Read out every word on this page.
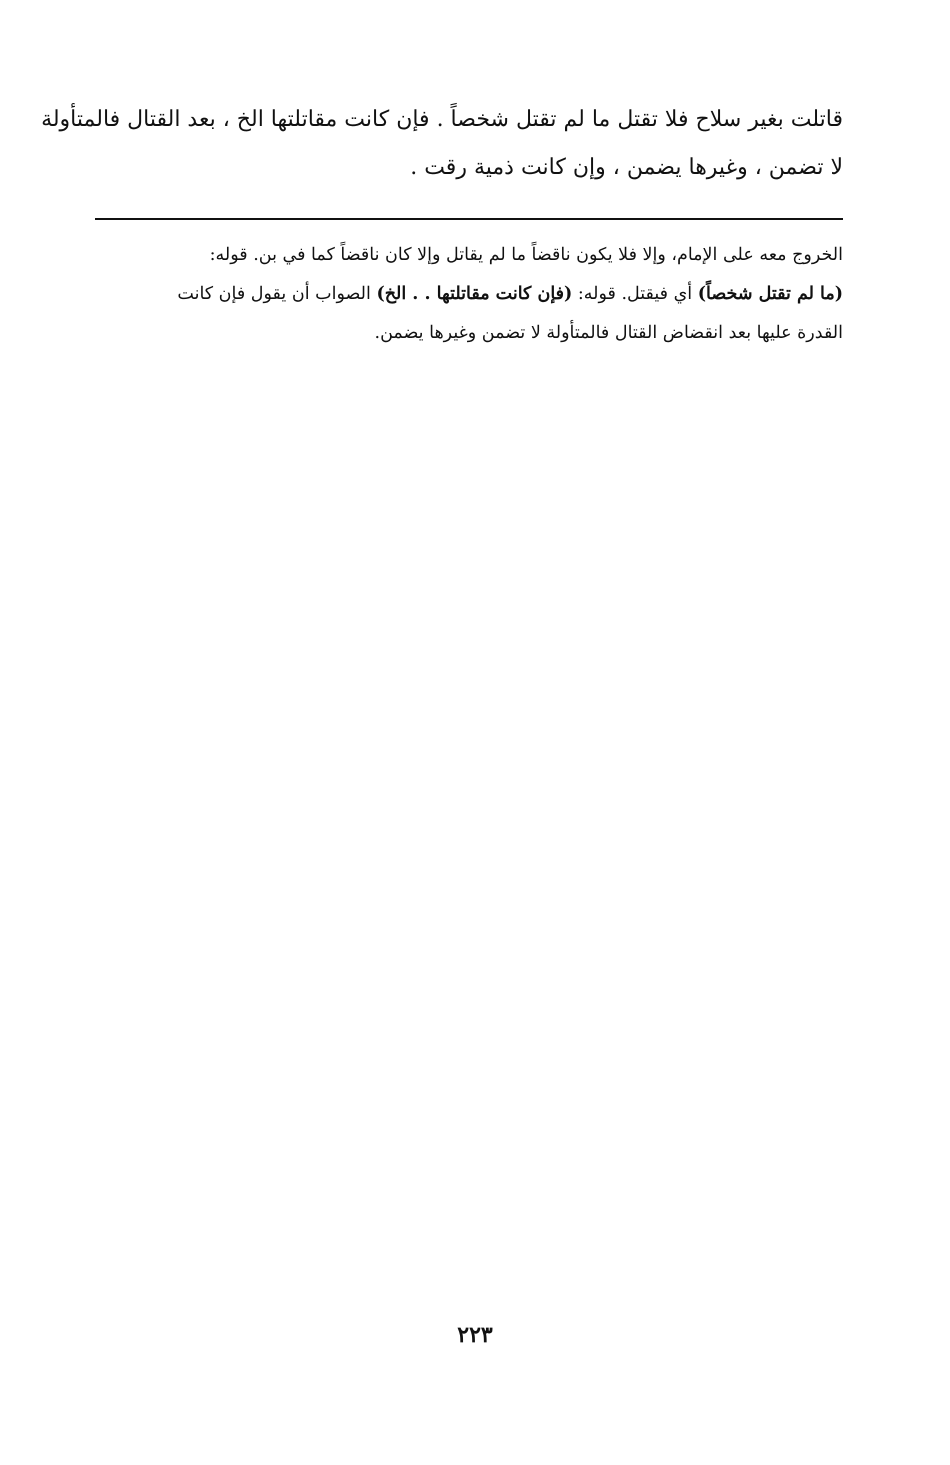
قاتلت بغير سلاح فلا تقتل ما لم تقتل شخصاً . فإن كانت مقاتلتها الخ ، بعد القتال فالمتأولة
لا تضمن ، وغيرها يضمن ، وإن كانت ذمية رقت .
الخروج معه على الإمام، وإلا فلا يكون ناقضاً ما لم يقاتل وإلا كان ناقضاً كما في بن. قوله:
(ما لم تقتل شخصاً) أي فيقتل. قوله: (فإن كانت مقاتلتها . . الخ) الصواب أن يقول فإن كانت
القدرة عليها بعد انقضاض القتال فالمتأولة لا تضمن وغيرها يضمن.
٢٢٣
